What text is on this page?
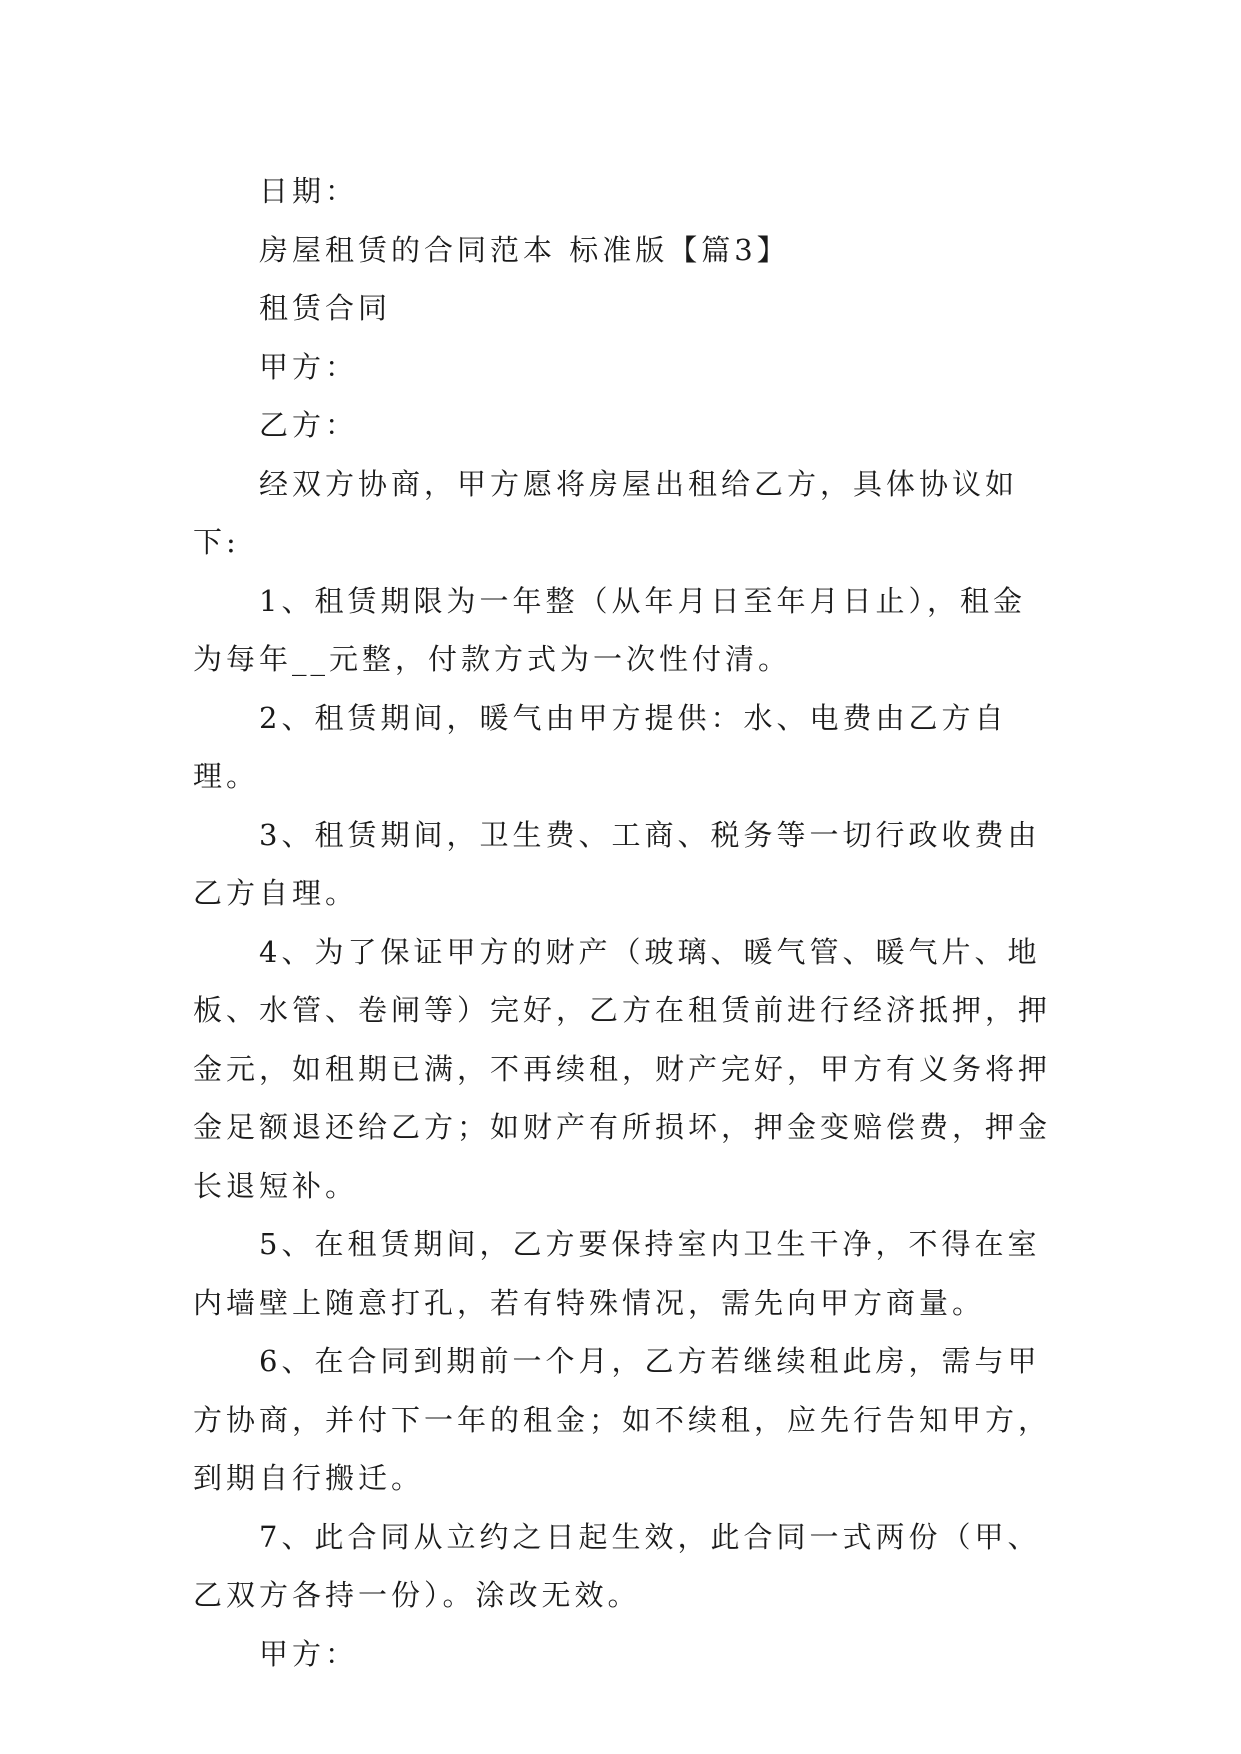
日期：

房屋租赁的合同范本 标准版【篇3】

租赁合同

甲方：

乙方：

经双方协商，甲方愿将房屋出租给乙方，具体协议如下:

1、租赁期限为一年整（从年月日至年月日止），租金为每年__元整，付款方式为一次性付清。

2、租赁期间，暖气由甲方提供：水、电费由乙方自理。

3、租赁期间，卫生费、工商、税务等一切行政收费由乙方自理。

4、为了保证甲方的财产（玻璃、暖气管、暖气片、地板、水管、卷闸等）完好，乙方在租赁前进行经济抵押，押金元，如租期已满，不再续租，财产完好，甲方有义务将押金足额退还给乙方；如财产有所损坏，押金变赔偿费，押金长退短补。

5、在租赁期间，乙方要保持室内卫生干净，不得在室内墙壁上随意打孔，若有特殊情况，需先向甲方商量。

6、在合同到期前一个月，乙方若继续租此房，需与甲方协商，并付下一年的租金；如不续租，应先行告知甲方，到期自行搬迁。

7、此合同从立约之日起生效，此合同一式两份（甲、乙双方各持一份）。涂改无效。

甲方：
